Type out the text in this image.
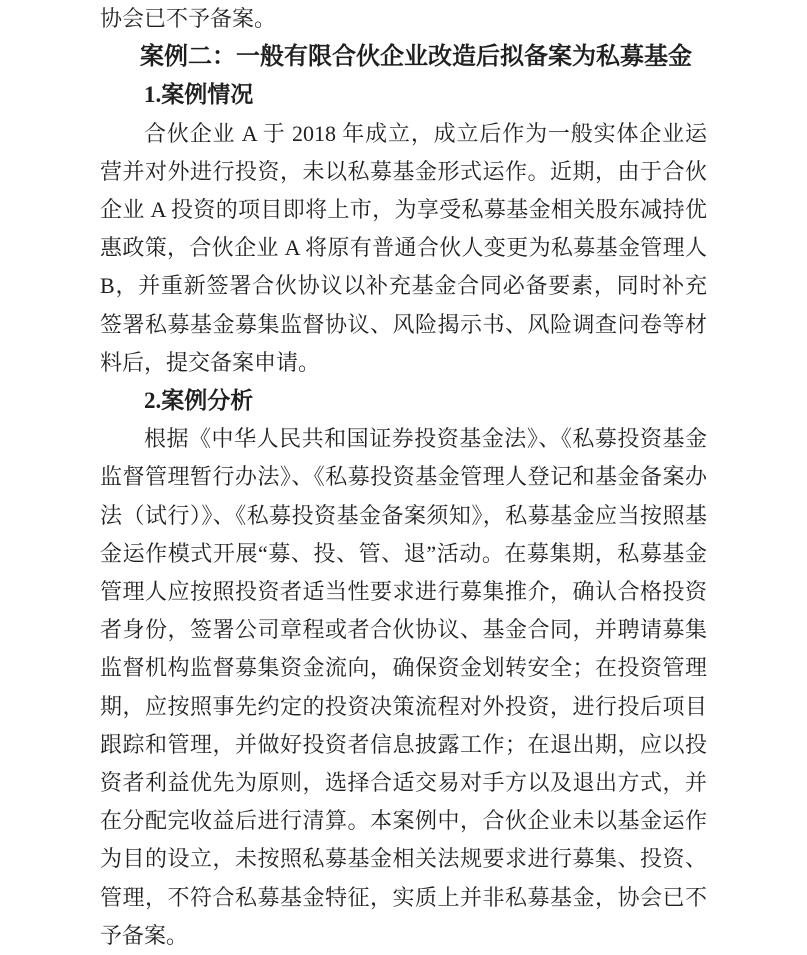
协会已不予备案。

案例二：一般有限合伙企业改造后拟备案为私募基金

1.案例情况

合伙企业 A 于 2018 年成立，成立后作为一般实体企业运营并对外进行投资，未以私募基金形式运作。近期，由于合伙企业 A 投资的项目即将上市，为享受私募基金相关股东减持优惠政策，合伙企业 A 将原有普通合伙人变更为私募基金管理人 B，并重新签署合伙协议以补充基金合同必备要素，同时补充签署私募基金募集监督协议、风险揭示书、风险调查问卷等材料后，提交备案申请。

2.案例分析

根据《中华人民共和国证券投资基金法》、《私募投资基金监督管理暂行办法》、《私募投资基金管理人登记和基金备案办法（试行）》、《私募投资基金备案须知》，私募基金应当按照基金运作模式开展“募、投、管、退”活动。在募集期，私募基金管理人应按照投资者适当性要求进行募集推介，确认合格投资者身份，签署公司章程或者合伙协议、基金合同，并聘请募集监督机构监督募集资金流向，确保资金划转安全；在投资管理期，应按照事先约定的投资决策流程对外投资，进行投后项目跟踪和管理，并做好投资者信息披露工作；在退出期，应以投资者利益优先为原则，选择合适交易对手方以及退出方式，并在分配完收益后进行清算。本案例中，合伙企业未以基金运作为目的设立，未按照私募基金相关法规要求进行募集、投资、管理，不符合私募基金特征，实质上并非私募基金，协会已不予备案。
